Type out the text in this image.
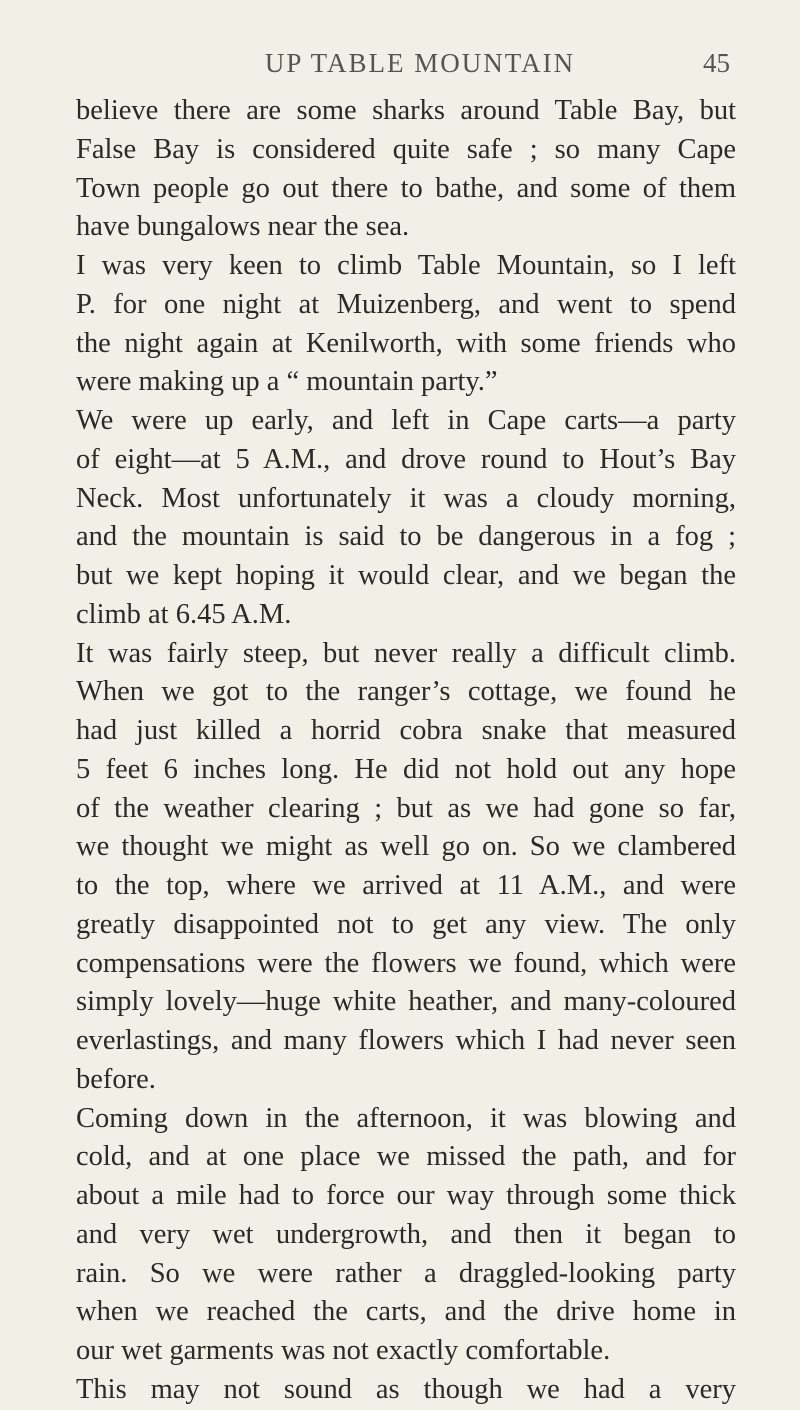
UP TABLE MOUNTAIN	45
believe there are some sharks around Table Bay, but
False Bay is considered quite safe ; so many Cape
Town people go out there to bathe, and some of them
have bungalows near the sea.
I was very keen to climb Table Mountain, so I left
P. for one night at Muizenberg, and went to spend
the night again at Kenilworth, with some friends who
were making up a “ mountain party.”
We were up early, and left in Cape carts—a party
of eight—at 5 A.M., and drove round to Hout’s Bay
Neck. Most unfortunately it was a cloudy morning,
and the mountain is said to be dangerous in a fog ;
but we kept hoping it would clear, and we began the
climb at 6.45 A.M.
It was fairly steep, but never really a difficult climb.
When we got to the ranger’s cottage, we found he
had just killed a horrid cobra snake that measured
5 feet 6 inches long. He did not hold out any hope
of the weather clearing ; but as we had gone so far,
we thought we might as well go on. So we clambered
to the top, where we arrived at 11 A.M., and were
greatly disappointed not to get any view. The only
compensations were the flowers we found, which were
simply lovely—huge white heather, and many-coloured
everlastings, and many flowers which I had never seen
before.
Coming down in the afternoon, it was blowing and
cold, and at one place we missed the path, and for
about a mile had to force our way through some thick
and very wet undergrowth, and then it began to
rain. So we were rather a draggled-looking party
when we reached the carts, and the drive home in
our wet garments was not exactly comfortable.
This may not sound as though we had a very
